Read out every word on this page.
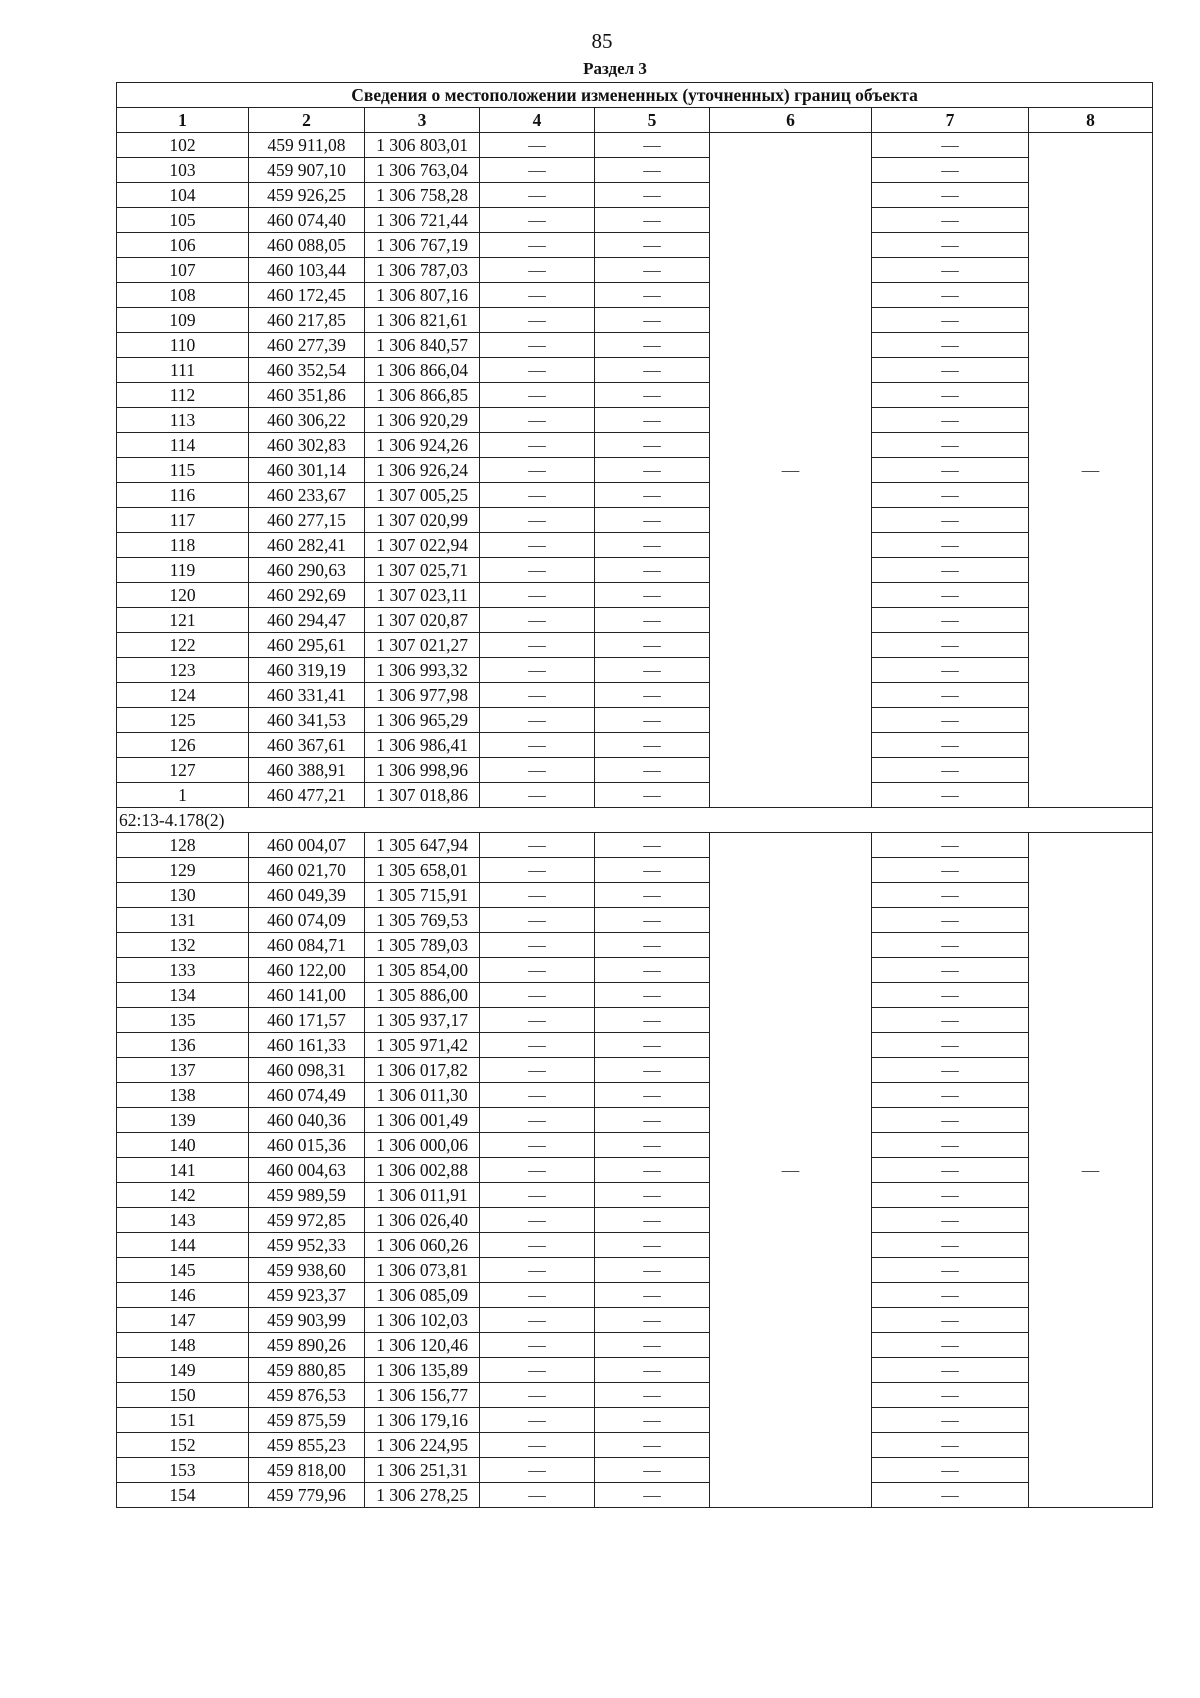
85
Раздел 3
Сведения о местоположении измененных (уточненных) границ объекта							
1	2	3	4	5	6	7	8
102	459 911,08	1 306 803,01	—	—	—	—	—
103	459 907,10	1 306 763,04	—	—		—	
104	459 926,25	1 306 758,28	—	—		—	
105	460 074,40	1 306 721,44	—	—		—	
106	460 088,05	1 306 767,19	—	—		—	
107	460 103,44	1 306 787,03	—	—		—	
108	460 172,45	1 306 807,16	—	—		—	
109	460 217,85	1 306 821,61	—	—		—	
110	460 277,39	1 306 840,57	—	—		—	
111	460 352,54	1 306 866,04	—	—		—	
112	460 351,86	1 306 866,85	—	—		—	
113	460 306,22	1 306 920,29	—	—		—	
114	460 302,83	1 306 924,26	—	—		—	
115	460 301,14	1 306 926,24	—	—		—	
116	460 233,67	1 307 005,25	—	—		—	
117	460 277,15	1 307 020,99	—	—		—	
118	460 282,41	1 307 022,94	—	—		—	
119	460 290,63	1 307 025,71	—	—		—	
120	460 292,69	1 307 023,11	—	—		—	
121	460 294,47	1 307 020,87	—	—		—	
122	460 295,61	1 307 021,27	—	—		—	
123	460 319,19	1 306 993,32	—	—		—	
124	460 331,41	1 306 977,98	—	—		—	
125	460 341,53	1 306 965,29	—	—		—	
126	460 367,61	1 306 986,41	—	—		—	
127	460 388,91	1 306 998,96	—	—		—	
1	460 477,21	1 307 018,86	—	—		—	
62:13-4.178(2)							
128	460 004,07	1 305 647,94	—	—	—	—	—
129	460 021,70	1 305 658,01	—	—		—	
130	460 049,39	1 305 715,91	—	—		—	
131	460 074,09	1 305 769,53	—	—		—	
132	460 084,71	1 305 789,03	—	—		—	
133	460 122,00	1 305 854,00	—	—		—	
134	460 141,00	1 305 886,00	—	—		—	
135	460 171,57	1 305 937,17	—	—		—	
136	460 161,33	1 305 971,42	—	—		—	
137	460 098,31	1 306 017,82	—	—		—	
138	460 074,49	1 306 011,30	—	—		—	
139	460 040,36	1 306 001,49	—	—		—	
140	460 015,36	1 306 000,06	—	—		—	
141	460 004,63	1 306 002,88	—	—		—	
142	459 989,59	1 306 011,91	—	—		—	
143	459 972,85	1 306 026,40	—	—		—	
144	459 952,33	1 306 060,26	—	—		—	
145	459 938,60	1 306 073,81	—	—		—	
146	459 923,37	1 306 085,09	—	—		—	
147	459 903,99	1 306 102,03	—	—		—	
148	459 890,26	1 306 120,46	—	—		—	
149	459 880,85	1 306 135,89	—	—		—	
150	459 876,53	1 306 156,77	—	—		—	
151	459 875,59	1 306 179,16	—	—		—	
152	459 855,23	1 306 224,95	—	—		—	
153	459 818,00	1 306 251,31	—	—		—	
154	459 779,96	1 306 278,25	—	—		—	
